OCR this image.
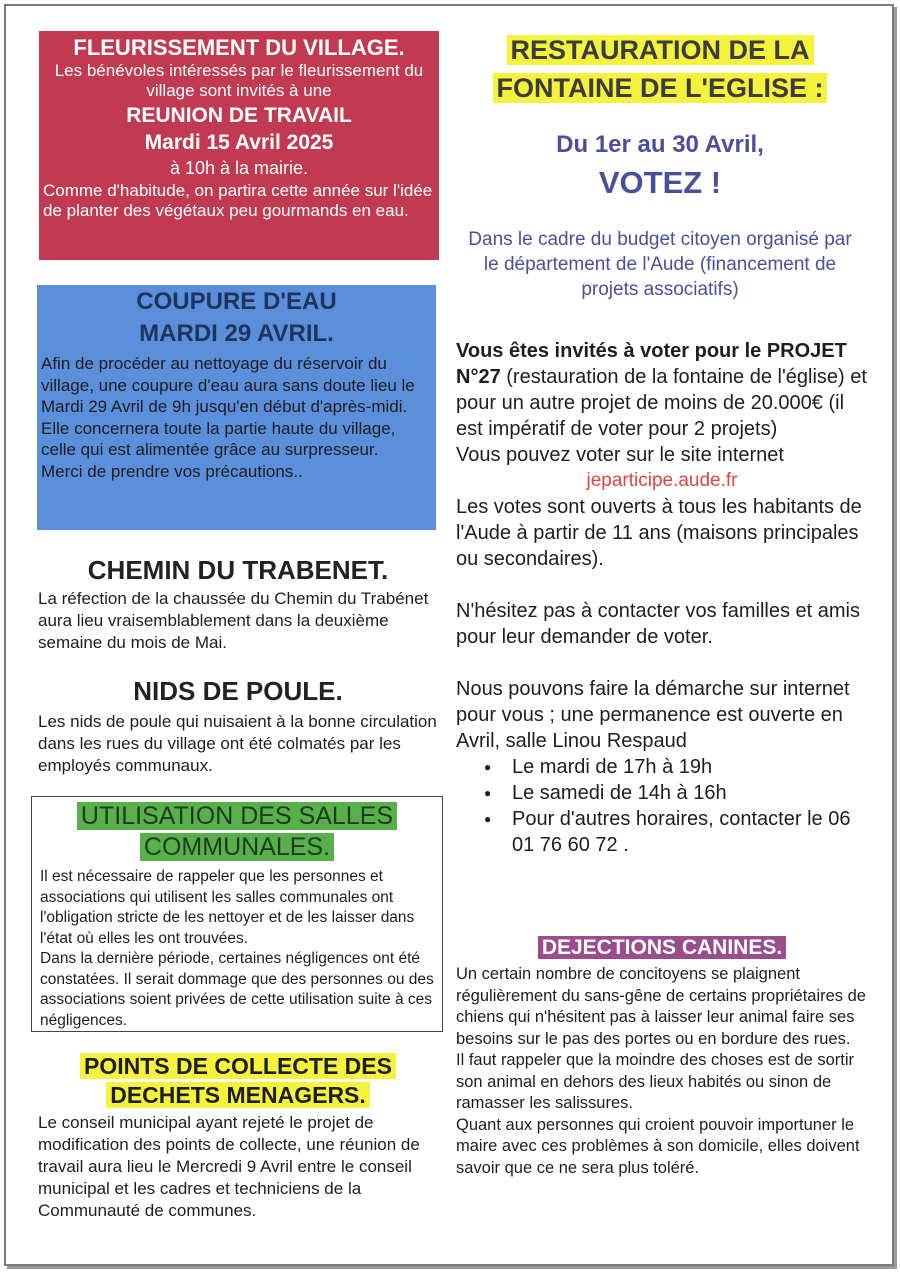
FLEURISSEMENT DU VILLAGE.
Les bénévoles intéressés par le fleurissement du village sont invités à une
REUNION DE TRAVAIL
Mardi 15 Avril 2025
à 10h à la mairie.
Comme d'habitude, on partira cette année sur l'idée de planter des végétaux peu gourmands en eau.
COUPURE D'EAU
MARDI 29 AVRIL.
Afin de procéder au nettoyage du réservoir du village, une coupure d'eau aura sans doute lieu le Mardi 29 Avril de 9h jusqu'en début d'après-midi.
Elle concernera toute la partie haute du village, celle qui est alimentée grâce au surpresseur.
Merci de prendre vos précautions..
CHEMIN DU TRABENET.
La réfection de la chaussée du Chemin du Trabénet aura lieu vraisemblablement dans la deuxième semaine du mois de Mai.
NIDS DE POULE.
Les nids de poule qui nuisaient à la bonne circulation dans les rues du village ont été colmatés par les employés communaux.
UTILISATION DES SALLES
COMMUNALES.
Il est nécessaire de rappeler que les personnes et associations qui utilisent les salles communales ont l'obligation stricte de les nettoyer et de les laisser dans l'état où elles les ont trouvées.
Dans la dernière période, certaines négligences ont été constatées. Il serait dommage que des personnes ou des associations soient privées de cette utilisation suite à ces négligences.
POINTS DE COLLECTE DES
DECHETS MENAGERS.
Le conseil municipal ayant rejeté le projet de modification des points de collecte, une réunion de travail aura lieu le Mercredi 9 Avril entre le conseil municipal et les cadres et techniciens de la Communauté de communes.
RESTAURATION DE LA
FONTAINE DE L'EGLISE :
Du 1er au 30 Avril,
VOTEZ !
Dans le cadre du budget citoyen organisé par le département de l'Aude (financement de projets associatifs)
Vous êtes invités à voter pour le PROJET N°27 (restauration de la fontaine de l'église) et pour un autre projet de moins de 20.000€ (il est impératif de voter pour 2 projets)
Vous pouvez voter sur le site internet
jeparticipe.aude.fr
Les votes sont ouverts à tous les habitants de l'Aude à partir de 11 ans (maisons principales ou secondaires).
N'hésitez pas à contacter vos familles et amis pour leur demander de voter.
Nous pouvons faire la démarche sur internet pour vous ; une permanence est ouverte en Avril, salle Linou Respaud
● Le mardi de 17h à 19h
● Le samedi de 14h à 16h
● Pour d'autres horaires, contacter le 06 01 76 60 72 .
DEJECTIONS CANINES.
Un certain nombre de concitoyens se plaignent régulièrement du sans-gêne de certains propriétaires de chiens qui n'hésitent pas à laisser leur animal faire ses besoins sur le pas des portes ou en bordure des rues.
Il faut rappeler que la moindre des choses est de sortir son animal en dehors des lieux habités ou sinon de ramasser les salissures.
Quant aux personnes qui croient pouvoir importuner le maire avec ces problèmes à son domicile, elles doivent savoir que ce ne sera plus toléré.
